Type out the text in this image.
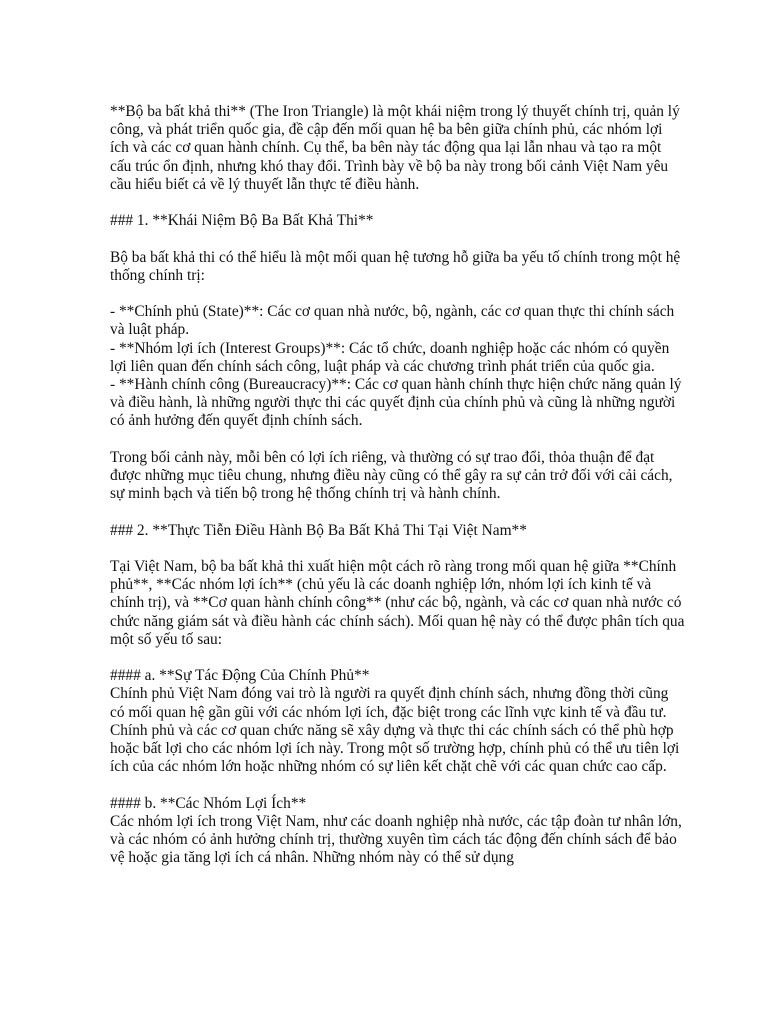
**Bộ ba bất khả thi** (The Iron Triangle) là một khái niệm trong lý thuyết chính trị, quản lý công, và phát triển quốc gia, đề cập đến mối quan hệ ba bên giữa chính phủ, các nhóm lợi ích và các cơ quan hành chính. Cụ thể, ba bên này tác động qua lại lẫn nhau và tạo ra một cấu trúc ổn định, nhưng khó thay đổi. Trình bày về bộ ba này trong bối cảnh Việt Nam yêu cầu hiểu biết cả về lý thuyết lẫn thực tế điều hành.

### 1. **Khái Niệm Bộ Ba Bất Khả Thi**

Bộ ba bất khả thi có thể hiểu là một mối quan hệ tương hỗ giữa ba yếu tố chính trong một hệ thống chính trị:

- **Chính phủ (State)**: Các cơ quan nhà nước, bộ, ngành, các cơ quan thực thi chính sách và luật pháp.
- **Nhóm lợi ích (Interest Groups)**: Các tổ chức, doanh nghiệp hoặc các nhóm có quyền lợi liên quan đến chính sách công, luật pháp và các chương trình phát triển của quốc gia.
- **Hành chính công (Bureaucracy)**: Các cơ quan hành chính thực hiện chức năng quản lý và điều hành, là những người thực thi các quyết định của chính phủ và cũng là những người có ảnh hưởng đến quyết định chính sách.

Trong bối cảnh này, mỗi bên có lợi ích riêng, và thường có sự trao đổi, thỏa thuận để đạt được những mục tiêu chung, nhưng điều này cũng có thể gây ra sự cản trở đối với cải cách, sự minh bạch và tiến bộ trong hệ thống chính trị và hành chính.

### 2. **Thực Tiễn Điều Hành Bộ Ba Bất Khả Thi Tại Việt Nam**

Tại Việt Nam, bộ ba bất khả thi xuất hiện một cách rõ ràng trong mối quan hệ giữa **Chính phủ**, **Các nhóm lợi ích** (chủ yếu là các doanh nghiệp lớn, nhóm lợi ích kinh tế và chính trị), và **Cơ quan hành chính công** (như các bộ, ngành, và các cơ quan nhà nước có chức năng giám sát và điều hành các chính sách). Mối quan hệ này có thể được phân tích qua một số yếu tố sau:

#### a. **Sự Tác Động Của Chính Phủ**
Chính phủ Việt Nam đóng vai trò là người ra quyết định chính sách, nhưng đồng thời cũng có mối quan hệ gần gũi với các nhóm lợi ích, đặc biệt trong các lĩnh vực kinh tế và đầu tư. Chính phủ và các cơ quan chức năng sẽ xây dựng và thực thi các chính sách có thể phù hợp hoặc bất lợi cho các nhóm lợi ích này. Trong một số trường hợp, chính phủ có thể ưu tiên lợi ích của các nhóm lớn hoặc những nhóm có sự liên kết chặt chẽ với các quan chức cao cấp.

#### b. **Các Nhóm Lợi Ích**
Các nhóm lợi ích trong Việt Nam, như các doanh nghiệp nhà nước, các tập đoàn tư nhân lớn, và các nhóm có ảnh hưởng chính trị, thường xuyên tìm cách tác động đến chính sách để bảo vệ hoặc gia tăng lợi ích cá nhân. Những nhóm này có thể sử dụng
